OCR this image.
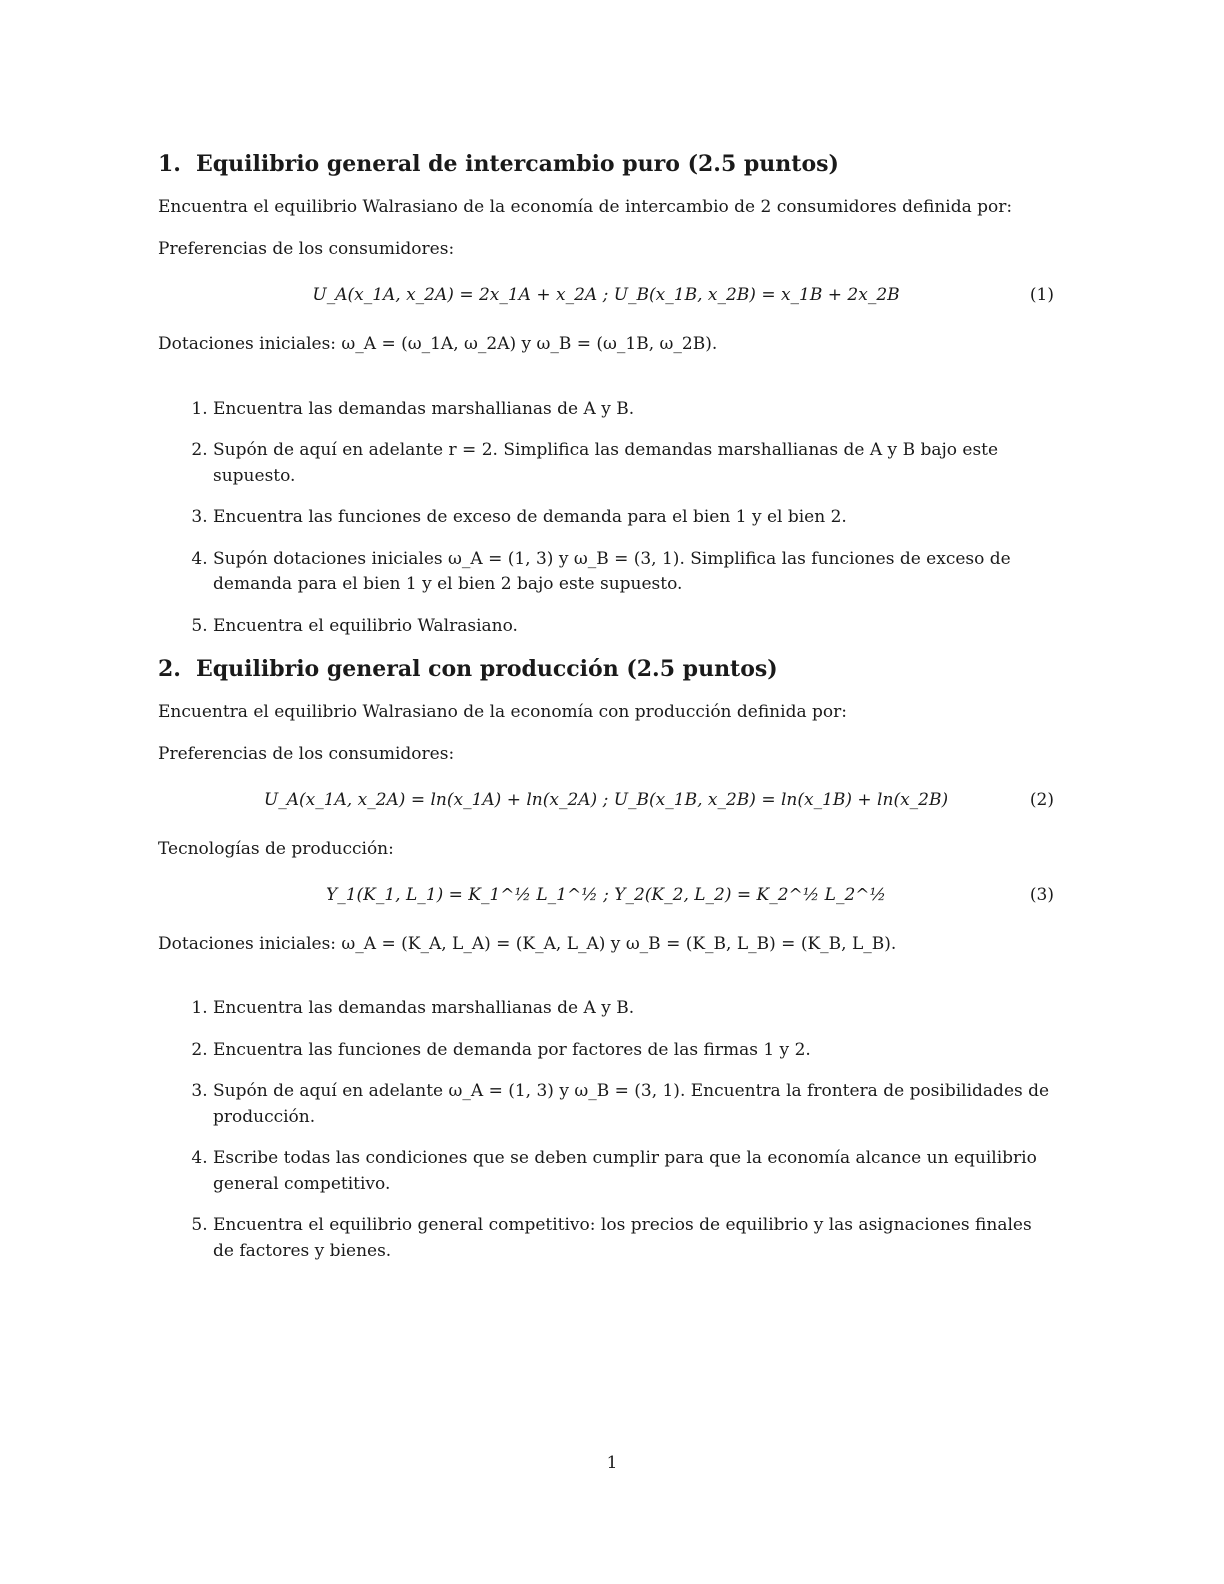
1. Equilibrio general de intercambio puro (2.5 puntos)

Encuentra el equilibrio Walrasiano de la economía de intercambio de 2 consumidores definida por:

Preferencias de los consumidores:

U_A(x_1A, x_2A) = 2x_1A + x_2A ; U_B(x_1B, x_2B) = x_1B + 2x_2B	(1)

Dotaciones iniciales: ω_A = (ω_1A, ω_2A) y ω_B = (ω_1B, ω_2B).

1. Encuentra las demandas marshallianas de A y B.
2. Supón de aquí en adelante r = 2. Simplifica las demandas marshallianas de A y B bajo este supuesto.
3. Encuentra las funciones de exceso de demanda para el bien 1 y el bien 2.
4. Supón dotaciones iniciales ω_A = (1, 3) y ω_B = (3, 1). Simplifica las funciones de exceso de demanda para el bien 1 y el bien 2 bajo este supuesto.
5. Encuentra el equilibrio Walrasiano.
2. Equilibrio general con producción (2.5 puntos)

Encuentra el equilibrio Walrasiano de la economía con producción definida por:

Preferencias de los consumidores:

U_A(x_1A, x_2A) = ln(x_1A) + ln(x_2A) ; U_B(x_1B, x_2B) = ln(x_1B) + ln(x_2B)	(2)

Tecnologías de producción:

Y_1(K_1, L_1) = K_1^½ L_1^½ ; Y_2(K_2, L_2) = K_2^½ L_2^½	(3)

Dotaciones iniciales: ω_A = (K_A, L_A) = (K_A, L_A) y ω_B = (K_B, L_B) = (K_B, L_B).

1. Encuentra las demandas marshallianas de A y B.
2. Encuentra las funciones de demanda por factores de las firmas 1 y 2.
3. Supón de aquí en adelante ω_A = (1, 3) y ω_B = (3, 1). Encuentra la frontera de posibilidades de producción.
4. Escribe todas las condiciones que se deben cumplir para que la economía alcance un equilibrio general competitivo.
5. Encuentra el equilibrio general competitivo: los precios de equilibrio y las asignaciones finales de factores y bienes.
1
